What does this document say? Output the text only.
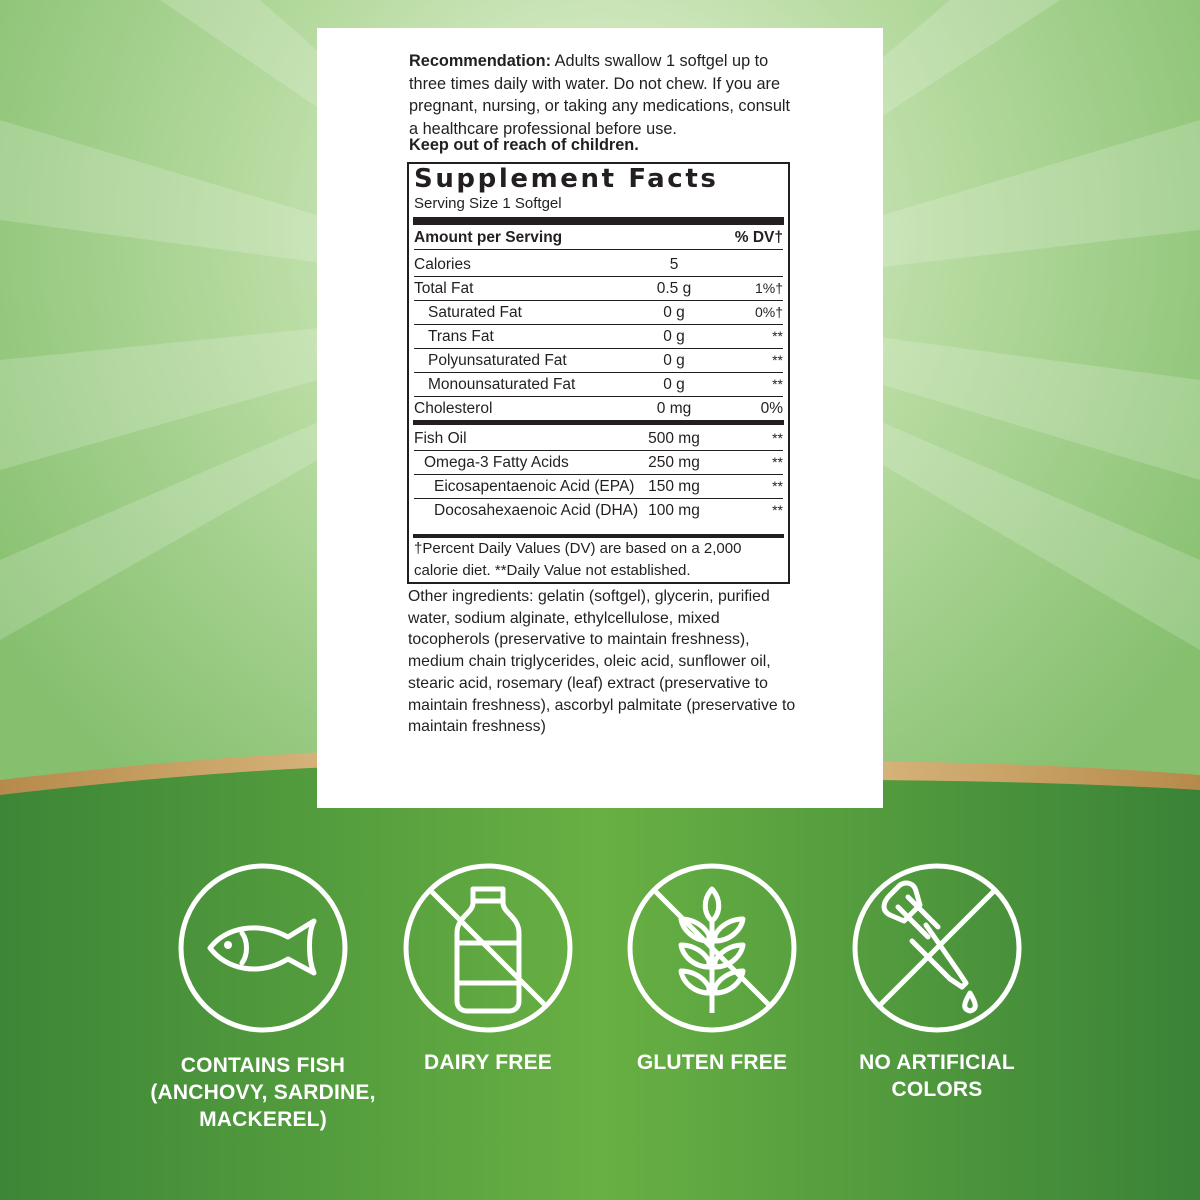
Recommendation: Adults swallow 1 softgel up to three times daily with water. Do not chew. If you are pregnant, nursing, or taking any medications, consult a healthcare professional before use.
Keep out of reach of children.
Supplement Facts
Serving Size 1 Softgel
Amount per Serving	% DV†
Calories	5
Total Fat	0.5 g	1%†
Saturated Fat	0 g	0%†
Trans Fat	0 g	**
Polyunsaturated Fat	0 g	**
Monounsaturated Fat	0 g	**
Cholesterol	0 mg	0%
Fish Oil	500 mg	**
Omega-3 Fatty Acids	250 mg	**
Eicosapentaenoic Acid (EPA) 150 mg	**
Docosahexaenoic Acid (DHA) 100 mg	**
†Percent Daily Values (DV) are based on a 2,000 calorie diet. **Daily Value not established.
Other ingredients: gelatin (softgel), glycerin, purified water, sodium alginate, ethylcellulose, mixed tocopherols (preservative to maintain freshness), medium chain triglycerides, oleic acid, sunflower oil, stearic acid, rosemary (leaf) extract (preservative to maintain freshness), ascorbyl palmitate (preservative to maintain freshness)
CONTAINS FISH (ANCHOVY, SARDINE, MACKEREL)
DAIRY FREE	GLUTEN FREE	NO ARTIFICIAL COLORS
